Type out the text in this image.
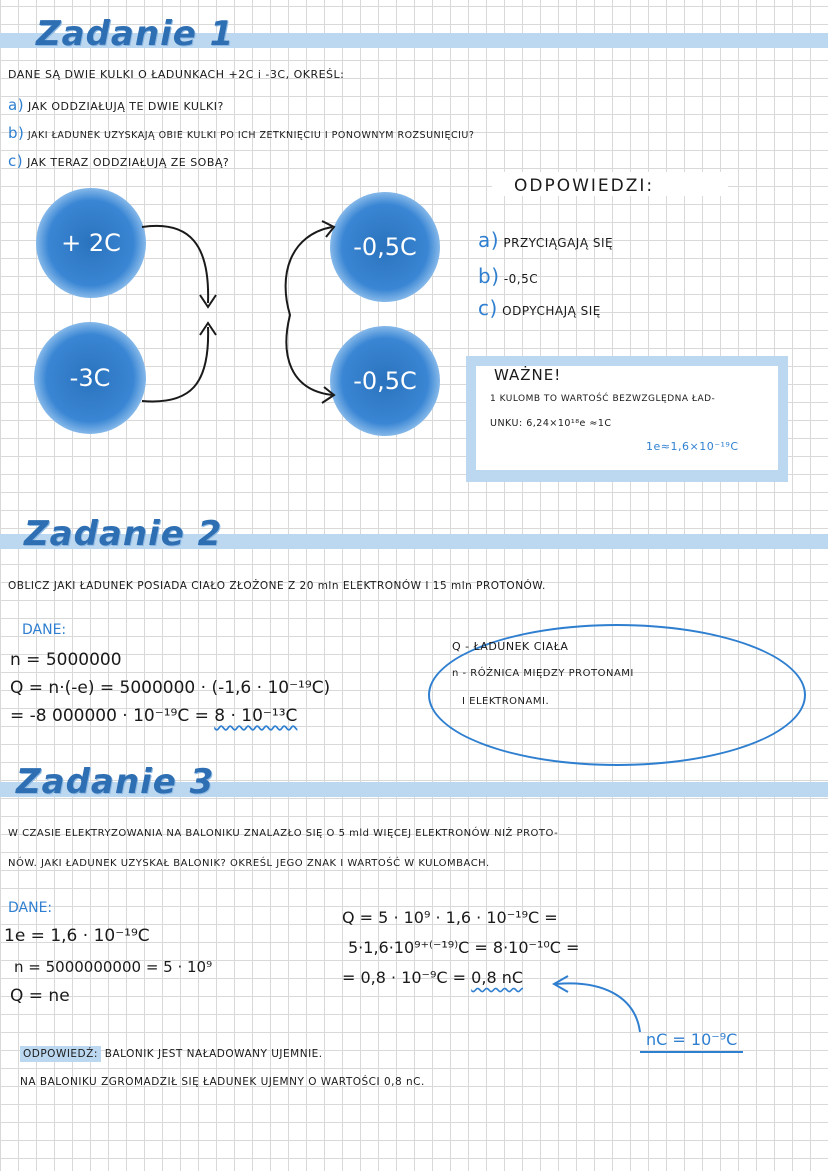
Zadanie 1
DANE SĄ DWIE KULKI O ŁADUNKACH +2C i -3C, OKREŚL:
a) JAK ODDZIAŁUJĄ TE DWIE KULKI?
b) JAKI ŁADUNEK UZYSKAJĄ OBIE KULKI PO ICH ZETKNIĘCIU I PONOWNYM ROZSUNIĘCIU?
c) JAK TERAZ ODDZIAŁUJĄ ZE SOBĄ?
+ 2C
-3C
-0,5C
-0,5C
ODPOWIEDZI:
a) PRZYCIĄGAJĄ SIĘ
b) -0,5C
c) ODPYCHAJĄ SIĘ
WAŻNE!
1 KULOMB TO WARTOŚĆ BEZWZGLĘDNA ŁAD-
UNKU: 6,24×10¹⁸e ≈1C
1e≈1,6×10⁻¹⁹C
Zadanie 2
OBLICZ JAKI ŁADUNEK POSIADA CIAŁO ZŁOŻONE Z 20 mln ELEKTRONÓW I 15 mln PROTONÓW.
DANE:
n = 5000000
Q = n·(-e) = 5000000 · (-1,6 · 10⁻¹⁹C)
= -8 000000 · 10⁻¹⁹C = 8 · 10⁻¹³C
Q - ŁADUNEK CIAŁA
n - RÓŻNICA MIĘDZY PROTONAMI
I ELEKTRONAMI.
Zadanie 3
W CZASIE ELEKTRYZOWANIA NA BALONIKU ZNALAZŁO SIĘ O 5 mld WIĘCEJ ELEKTRONÓW NIŻ PROTO-
NÓW. JAKI ŁADUNEK UZYSKAŁ BALONIK? OKREŚL JEGO ZNAK I WARTOŚĆ W KULOMBACH.
DANE:
1e = 1,6 · 10⁻¹⁹C
n = 5000000000 = 5 · 10⁹
Q = ne
Q = 5 · 10⁹ · 1,6 · 10⁻¹⁹C =
5·1,6·10⁹⁺⁽⁻¹⁹⁾C = 8·10⁻¹⁰C =
= 0,8 · 10⁻⁹C = 0,8 nC
nC = 10⁻⁹C
ODPOWIEDŹ: BALONIK JEST NAŁADOWANY UJEMNIE.
NA BALONIKU ZGROMADZIŁ SIĘ ŁADUNEK UJEMNY O WARTOŚCI 0,8 nC.
